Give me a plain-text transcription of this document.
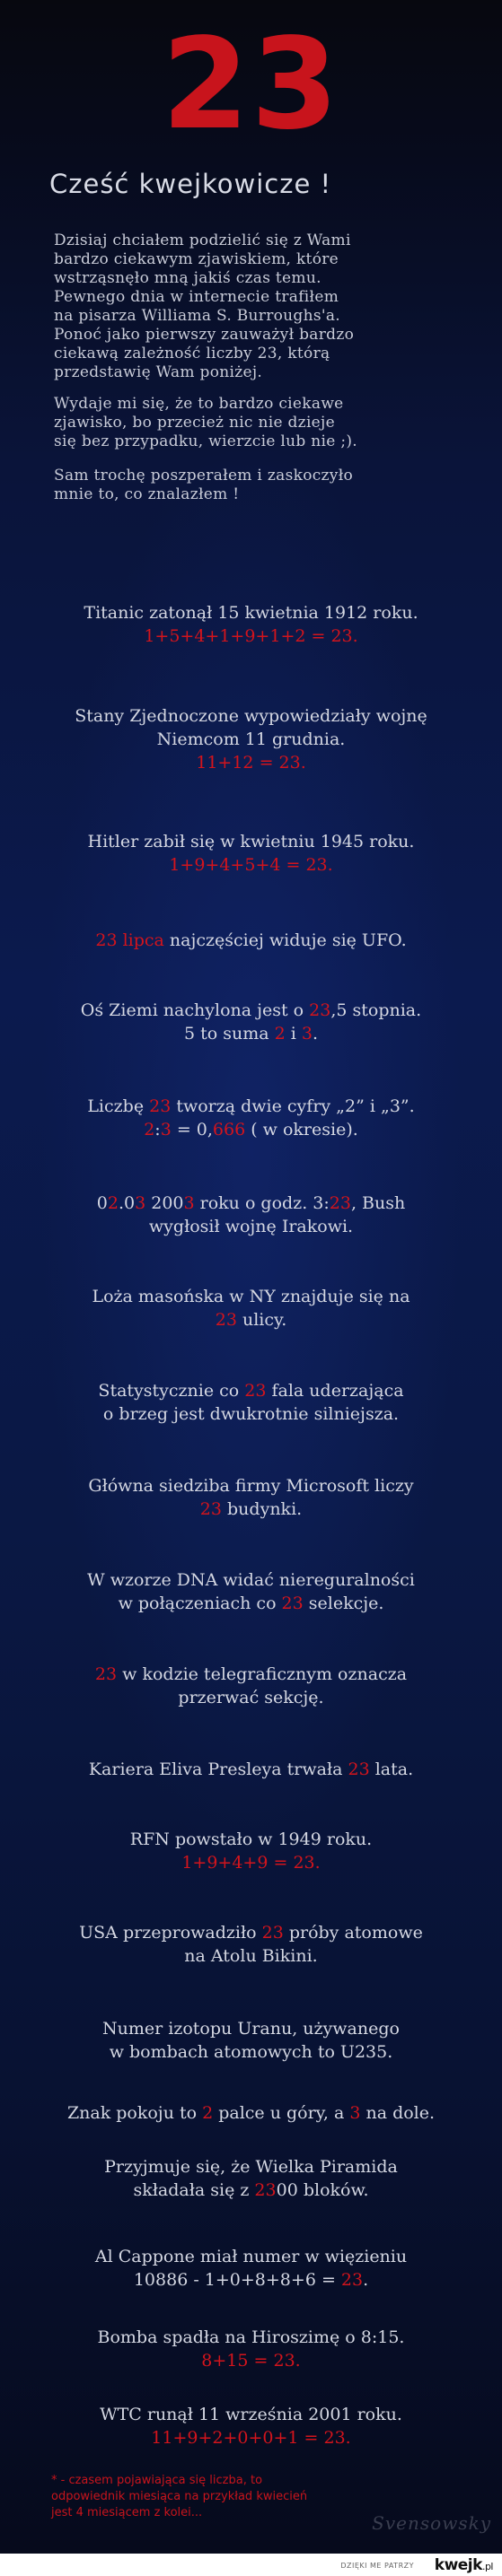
23
Cześć kwejkowicze !
Dzisiaj chciałem podzielić się z Wami
bardzo ciekawym zjawiskiem, które
wstrząsnęło mną jakiś czas temu.
Pewnego dnia w internecie trafiłem
na pisarza Williama S. Burroughs'a.
Ponoć jako pierwszy zauważył bardzo
ciekawą zależność liczby 23, którą
przedstawię Wam poniżej.
Wydaje mi się, że to bardzo ciekawe
zjawisko, bo przecież nic nie dzieje
się bez przypadku, wierzcie lub nie ;).
Sam trochę poszperałem i zaskoczyło
mnie to, co znalazłem !
Titanic zatonął 15 kwietnia 1912 roku.
1+5+4+1+9+1+2 = 23.
Stany Zjednoczone wypowiedziały wojnę
Niemcom 11 grudnia.
11+12 = 23.
Hitler zabił się w kwietniu 1945 roku.
1+9+4+5+4 = 23.
23 lipca najczęściej widuje się UFO.
Oś Ziemi nachylona jest o 23,5 stopnia.
5 to suma 2 i 3.
Liczbę 23 tworzą dwie cyfry „2” i „3”.
2:3 = 0,666 ( w okresie).
02.03 2003 roku o godz. 3:23, Bush
wygłosił wojnę Irakowi.
Loża masońska w NY znajduje się na
23 ulicy.
Statystycznie co 23 fala uderzająca
o brzeg jest dwukrotnie silniejsza.
Główna siedziba firmy Microsoft liczy
23 budynki.
W wzorze DNA widać niereguralności
w połączeniach co 23 selekcje.
23 w kodzie telegraficznym oznacza
przerwać sekcję.
Kariera Eliva Presleya trwała 23 lata.
RFN powstało w 1949 roku.
1+9+4+9 = 23.
USA przeprowadziło 23 próby atomowe
na Atolu Bikini.
Numer izotopu Uranu, używanego
w bombach atomowych to U235.
Znak pokoju to 2 palce u góry, a 3 na dole.
Przyjmuje się, że Wielka Piramida
składała się z 2300 bloków.
Al Cappone miał numer w więzieniu
10886 - 1+0+8+8+6 = 23.
Bomba spadła na Hiroszimę o 8:15.
8+15 = 23.
WTC runął 11 września 2001 roku.
11+9+2+0+0+1 = 23.
* - czasem pojawiająca się liczba, to
odpowiednik miesiąca na przykład kwiecień
jest 4 miesiącem z kolei...	Svensowsky
DZIĘKI ME PATRZY kwejk.pl
